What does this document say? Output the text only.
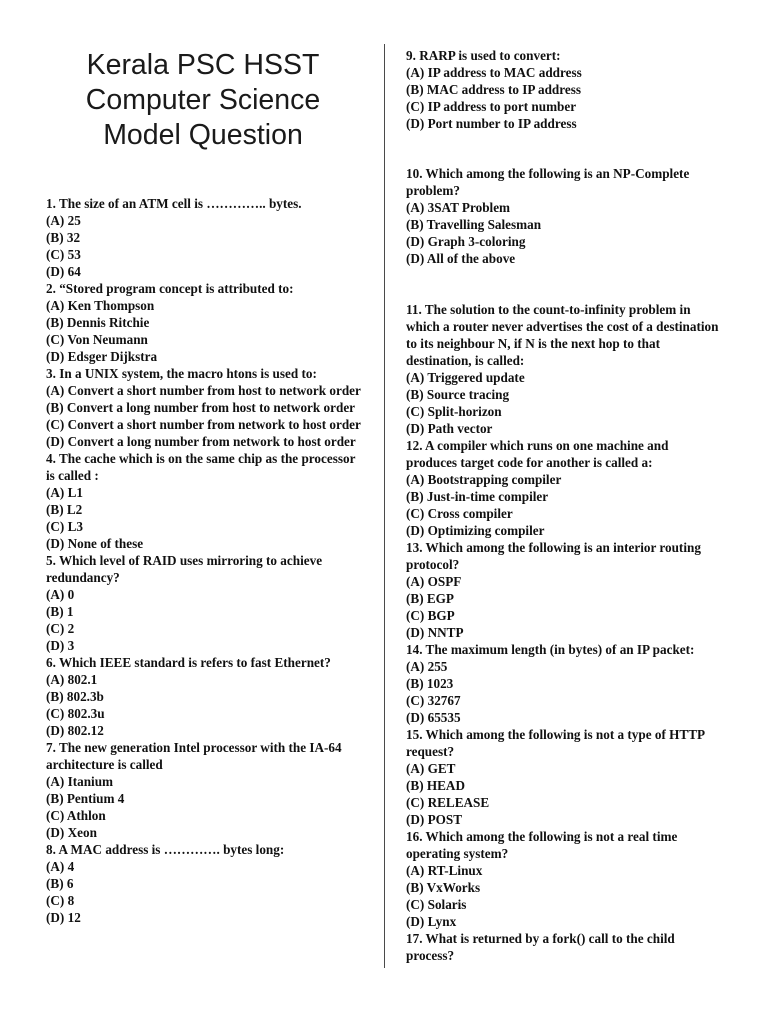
Kerala PSC HSST
Computer Science
Model Question
1. The size of an ATM cell is ………….. bytes.
(A) 25
(B) 32
(C) 53
(D) 64
2. “Stored program concept is attributed to:
(A) Ken Thompson
(B) Dennis Ritchie
(C) Von Neumann
(D) Edsger Dijkstra
3. In a UNIX system, the macro htons is used to:
(A) Convert a short number from host to network order
(B) Convert a long number from host to network order
(C) Convert a short number from network to host order
(D) Convert a long number from network to host order
4. The cache which is on the same chip as the processor
is called :
(A) L1
(B) L2
(C) L3
(D) None of these
5. Which level of RAID uses mirroring to achieve
redundancy?
(A) 0
(B) 1
(C) 2
(D) 3
6. Which IEEE standard is refers to fast Ethernet?
(A) 802.1
(B) 802.3b
(C) 802.3u
(D) 802.12
7. The new generation Intel processor with the IA-64
architecture is called
(A) Itanium
(B) Pentium 4
(C) Athlon
(D) Xeon
8. A MAC address is …………. bytes long:
(A) 4
(B) 6
(C) 8
(D) 12
9. RARP is used to convert:
(A) IP address to MAC address
(B) MAC address to IP address
(C) IP address to port number
(D) Port number to IP address
10. Which among the following is an NP-Complete
problem?
(A) 3SAT Problem
(B) Travelling Salesman
(D) Graph 3-coloring
(D) All of the above
11. The solution to the count-to-infinity problem in
which a router never advertises the cost of a destination
to its neighbour N, if N is the next hop to that
destination, is called:
(A) Triggered update
(B) Source tracing
(C) Split-horizon
(D) Path vector
12. A compiler which runs on one machine and
produces target code for another is called a:
(A) Bootstrapping compiler
(B) Just-in-time compiler
(C) Cross compiler
(D) Optimizing compiler
13. Which among the following is an interior routing
protocol?
(A) OSPF
(B) EGP
(C) BGP
(D) NNTP
14. The maximum length (in bytes) of an IP packet:
(A) 255
(B) 1023
(C) 32767
(D) 65535
15. Which among the following is not a type of HTTP
request?
(A) GET
(B) HEAD
(C) RELEASE
(D) POST
16. Which among the following is not a real time
operating system?
(A) RT-Linux
(B) VxWorks
(C) Solaris
(D) Lynx
17. What is returned by a fork() call to the child
process?
